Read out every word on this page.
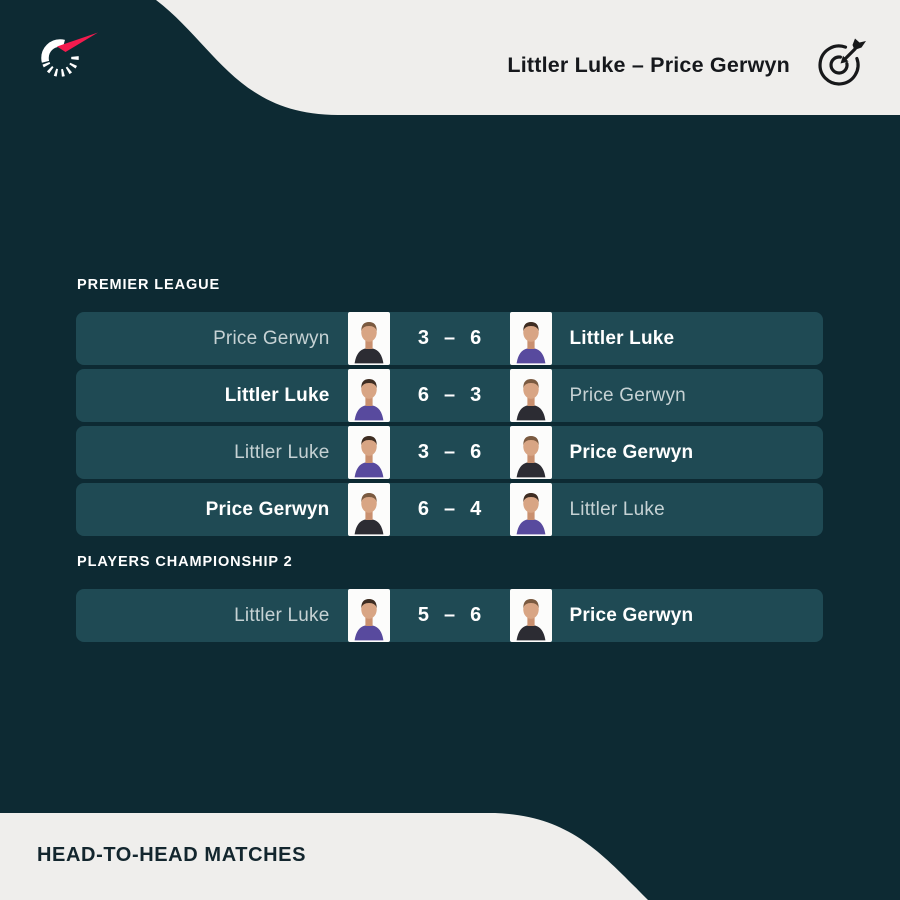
Littler Luke – Price Gerwyn
PREMIER LEAGUE
Price Gerwyn	3 – 6	Littler Luke
Littler Luke	6 – 3	Price Gerwyn
Littler Luke	3 – 6	Price Gerwyn
Price Gerwyn	6 – 4	Littler Luke
PLAYERS CHAMPIONSHIP 2
Littler Luke	5 – 6	Price Gerwyn
HEAD-TO-HEAD MATCHES
